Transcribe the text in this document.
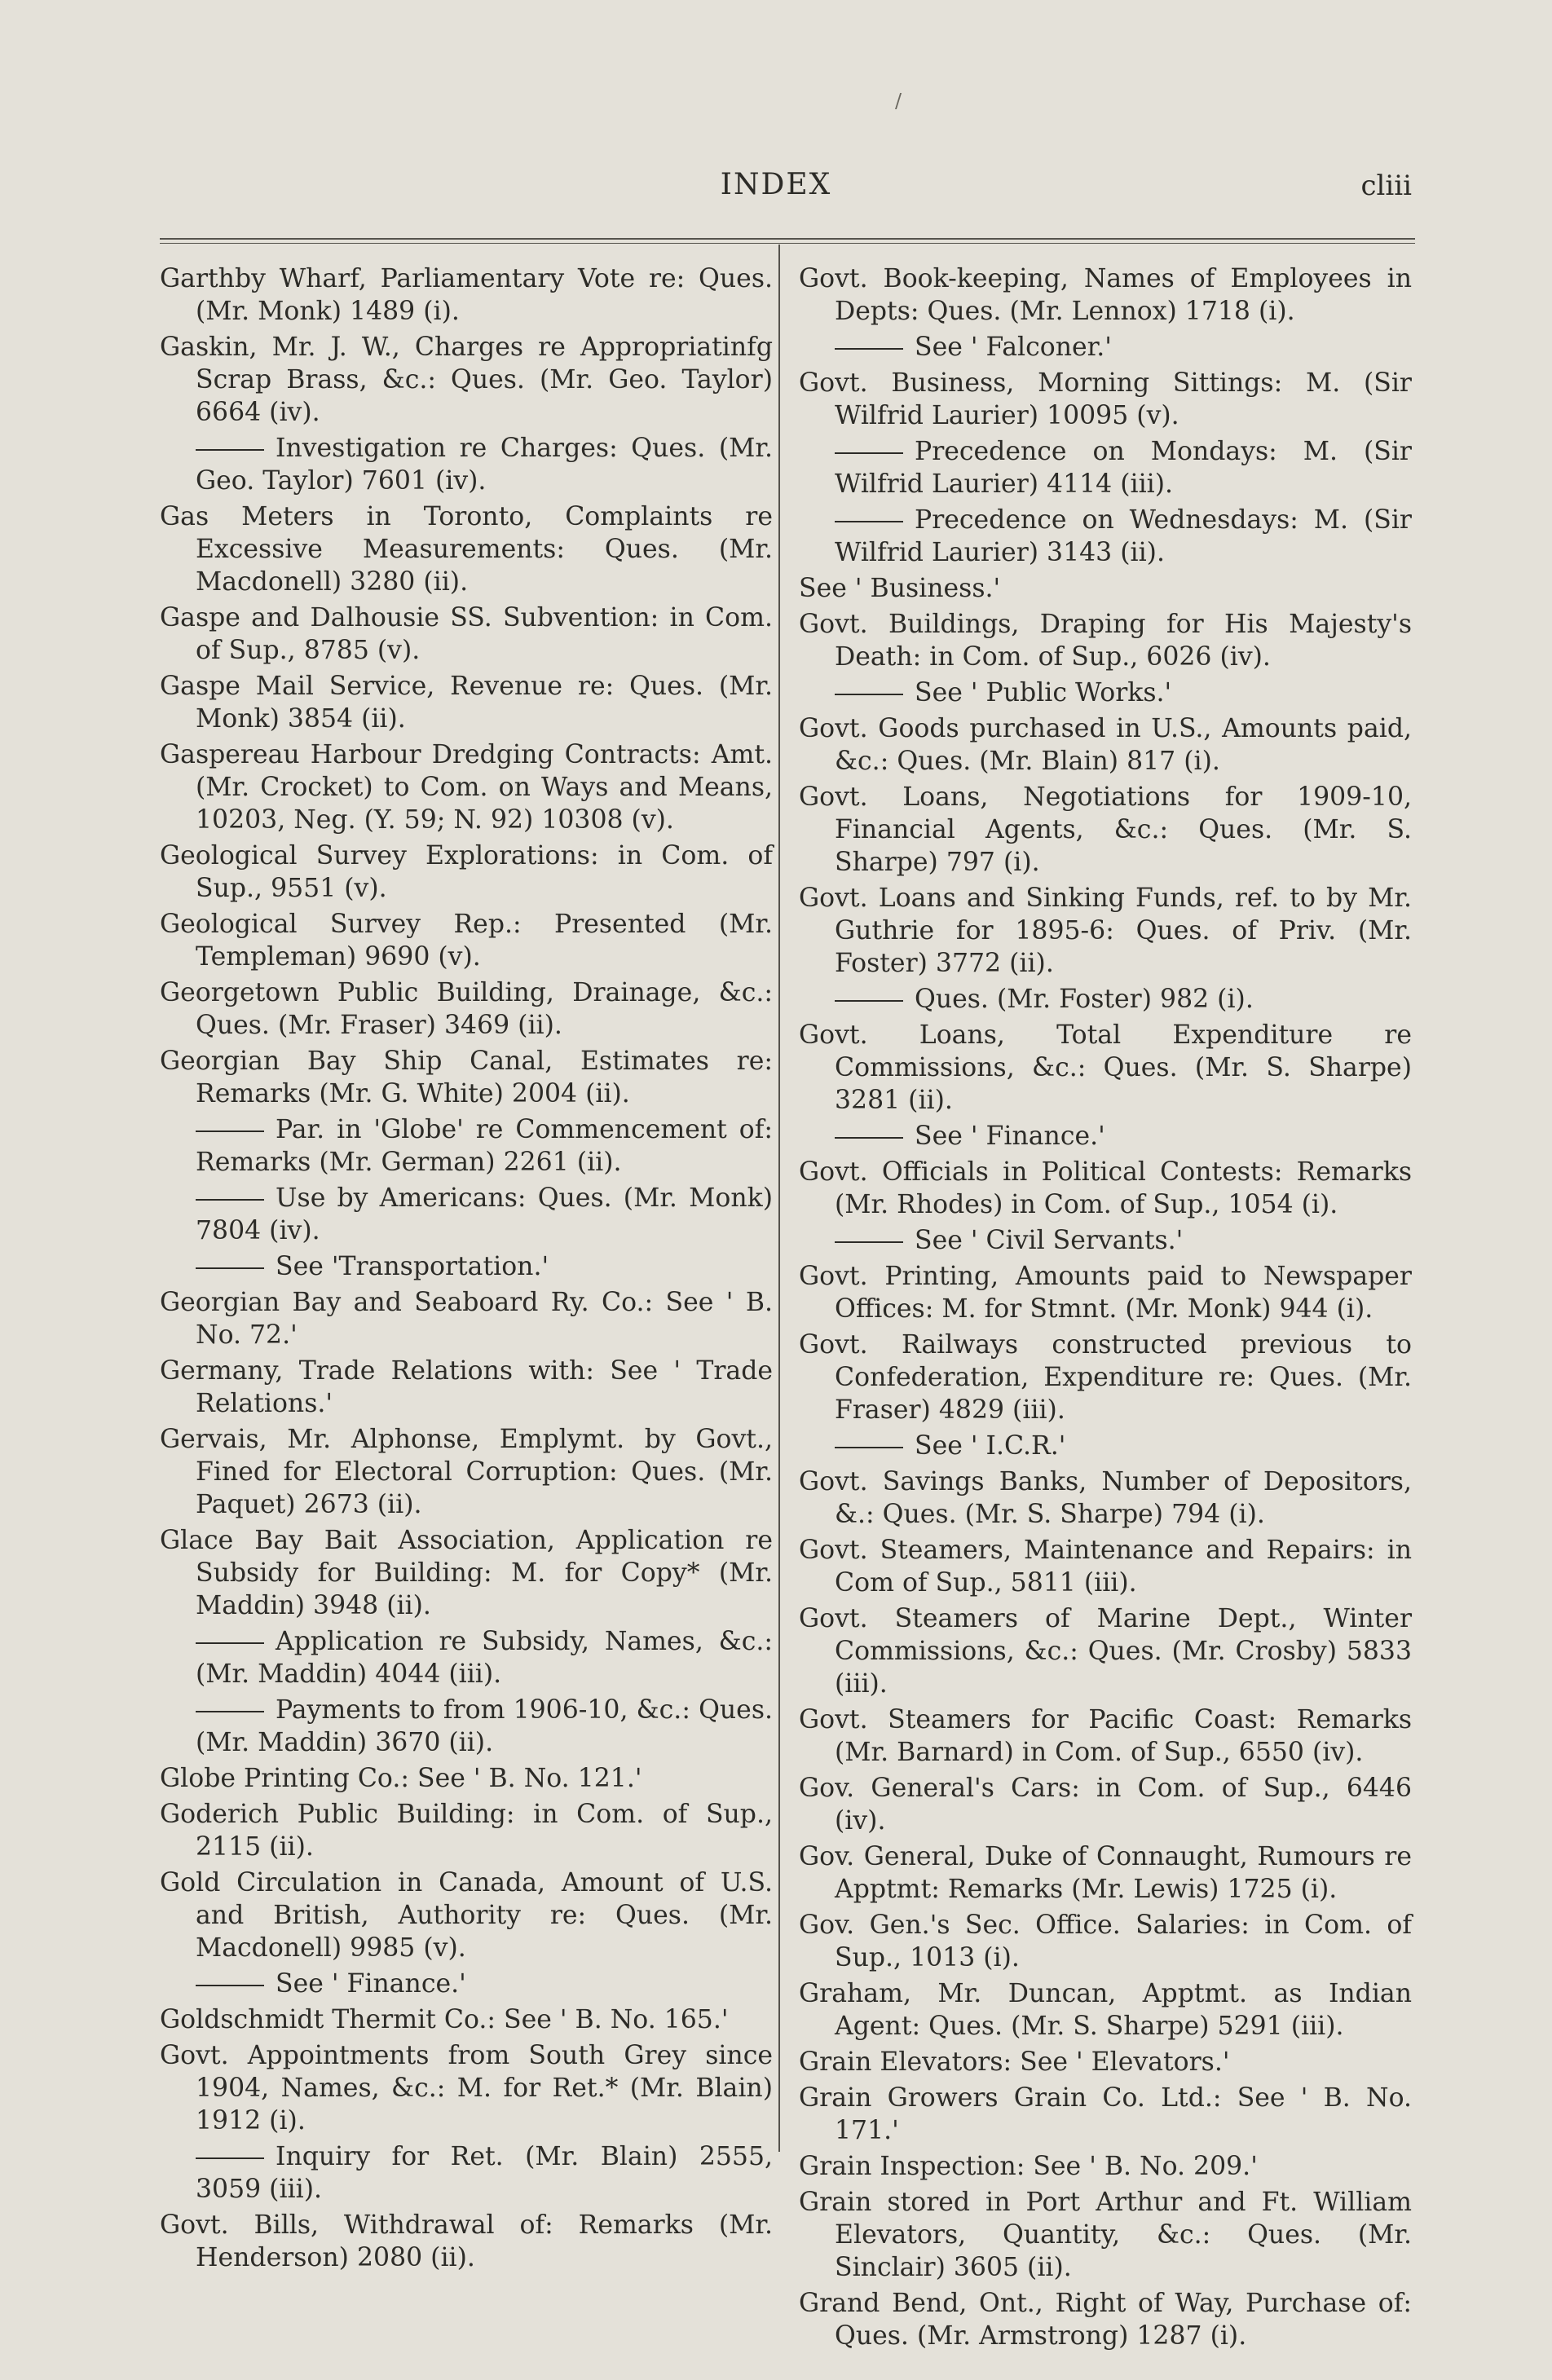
/
INDEX	cliii
Garthby Wharf, Parliamentary Vote re: Ques. (Mr. Monk) 1489 (i).
Gaskin, Mr. J. W., Charges re Appropriatinfg Scrap Brass, &c.: Ques. (Mr. Geo. Taylor) 6664 (iv).
Investigation re Charges: Ques. (Mr. Geo. Taylor) 7601 (iv).
Gas Meters in Toronto, Complaints re Excessive Measurements: Ques. (Mr. Macdonell) 3280 (ii).
Gaspe and Dalhousie SS. Subvention: in Com. of Sup., 8785 (v).
Gaspe Mail Service, Revenue re: Ques. (Mr. Monk) 3854 (ii).
Gaspereau Harbour Dredging Contracts: Amt. (Mr. Crocket) to Com. on Ways and Means, 10203, Neg. (Y. 59; N. 92) 10308 (v).
Geological Survey Explorations: in Com. of Sup., 9551 (v).
Geological Survey Rep.: Presented (Mr. Templeman) 9690 (v).
Georgetown Public Building, Drainage, &c.: Ques. (Mr. Fraser) 3469 (ii).
Georgian Bay Ship Canal, Estimates re: Remarks (Mr. G. White) 2004 (ii).
Par. in 'Globe' re Commencement of: Remarks (Mr. German) 2261 (ii).
Use by Americans: Ques. (Mr. Monk) 7804 (iv).
See 'Transportation.'
Georgian Bay and Seaboard Ry. Co.: See ' B. No. 72.'
Germany, Trade Relations with: See ' Trade Relations.'
Gervais, Mr. Alphonse, Emplymt. by Govt., Fined for Electoral Corruption: Ques. (Mr. Paquet) 2673 (ii).
Glace Bay Bait Association, Application re Subsidy for Building: M. for Copy* (Mr. Maddin) 3948 (ii).
Application re Subsidy, Names, &c.: (Mr. Maddin) 4044 (iii).
Payments to from 1906-10, &c.: Ques. (Mr. Maddin) 3670 (ii).
Globe Printing Co.: See ' B. No. 121.'
Goderich Public Building: in Com. of Sup., 2115 (ii).
Gold Circulation in Canada, Amount of U.S. and British, Authority re: Ques. (Mr. Macdonell) 9985 (v).
See ' Finance.'
Goldschmidt Thermit Co.: See ' B. No. 165.'
Govt. Appointments from South Grey since 1904, Names, &c.: M. for Ret.* (Mr. Blain) 1912 (i).
Inquiry for Ret. (Mr. Blain) 2555, 3059 (iii).
Govt. Bills, Withdrawal of: Remarks (Mr. Henderson) 2080 (ii).
Govt. Book-keeping, Names of Employees in Depts: Ques. (Mr. Lennox) 1718 (i).
See ' Falconer.'
Govt. Business, Morning Sittings: M. (Sir Wilfrid Laurier) 10095 (v).
Precedence on Mondays: M. (Sir Wilfrid Laurier) 4114 (iii).
Precedence on Wednesdays: M. (Sir Wilfrid Laurier) 3143 (ii).
See ' Business.'
Govt. Buildings, Draping for His Majesty's Death: in Com. of Sup., 6026 (iv).
See ' Public Works.'
Govt. Goods purchased in U.S., Amounts paid, &c.: Ques. (Mr. Blain) 817 (i).
Govt. Loans, Negotiations for 1909-10, Financial Agents, &c.: Ques. (Mr. S. Sharpe) 797 (i).
Govt. Loans and Sinking Funds, ref. to by Mr. Guthrie for 1895-6: Ques. of Priv. (Mr. Foster) 3772 (ii).
Ques. (Mr. Foster) 982 (i).
Govt. Loans, Total Expenditure re Commissions, &c.: Ques. (Mr. S. Sharpe) 3281 (ii).
See ' Finance.'
Govt. Officials in Political Contests: Remarks (Mr. Rhodes) in Com. of Sup., 1054 (i).
See ' Civil Servants.'
Govt. Printing, Amounts paid to Newspaper Offices: M. for Stmnt. (Mr. Monk) 944 (i).
Govt. Railways constructed previous to Confederation, Expenditure re: Ques. (Mr. Fraser) 4829 (iii).
See ' I.C.R.'
Govt. Savings Banks, Number of Depositors, &.: Ques. (Mr. S. Sharpe) 794 (i).
Govt. Steamers, Maintenance and Repairs: in Com of Sup., 5811 (iii).
Govt. Steamers of Marine Dept., Winter Commissions, &c.: Ques. (Mr. Crosby) 5833 (iii).
Govt. Steamers for Pacific Coast: Remarks (Mr. Barnard) in Com. of Sup., 6550 (iv).
Gov. General's Cars: in Com. of Sup., 6446 (iv).
Gov. General, Duke of Connaught, Rumours re Apptmt: Remarks (Mr. Lewis) 1725 (i).
Gov. Gen.'s Sec. Office. Salaries: in Com. of Sup., 1013 (i).
Graham, Mr. Duncan, Apptmt. as Indian Agent: Ques. (Mr. S. Sharpe) 5291 (iii).
Grain Elevators: See ' Elevators.'
Grain Growers Grain Co. Ltd.: See ' B. No. 171.'
Grain Inspection: See ' B. No. 209.'
Grain stored in Port Arthur and Ft. William Elevators, Quantity, &c.: Ques. (Mr. Sinclair) 3605 (ii).
Grand Bend, Ont., Right of Way, Purchase of: Ques. (Mr. Armstrong) 1287 (i).
